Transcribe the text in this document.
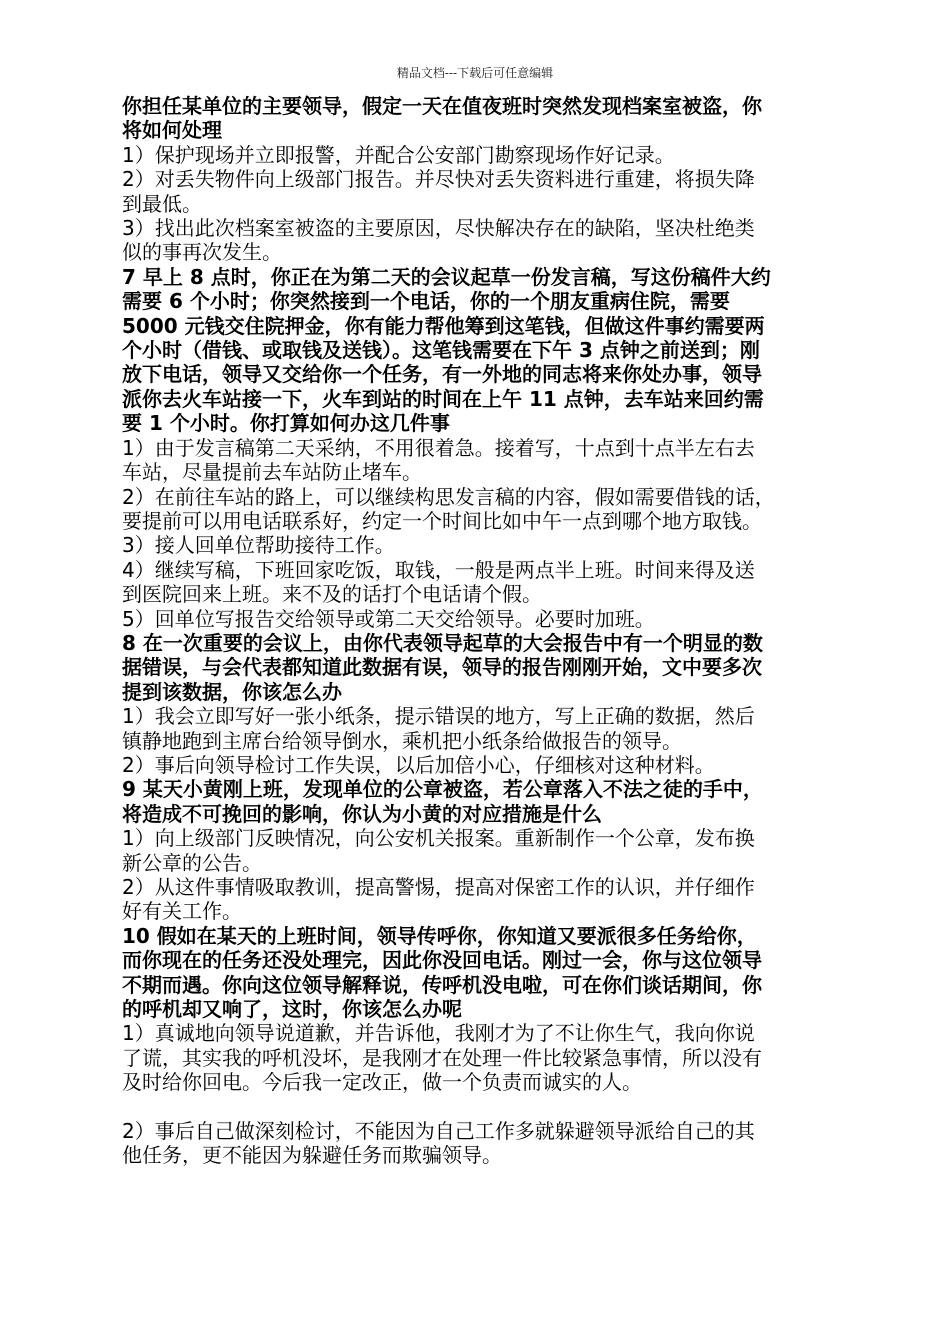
精品文档---下载后可任意编辑
你担任某单位的主要领导，假定一天在值夜班时突然发现档案室被盗，你
将如何处理
1）保护现场并立即报警，并配合公安部门勘察现场作好记录。
2）对丢失物件向上级部门报告。并尽快对丢失资料进行重建，将损失降
到最低。
3）找出此次档案室被盗的主要原因，尽快解决存在的缺陷，坚决杜绝类
似的事再次发生。
7 早上 8 点时，你正在为第二天的会议起草一份发言稿，写这份稿件大约
需要 6 个小时；你突然接到一个电话，你的一个朋友重病住院，需要
5000 元钱交住院押金，你有能力帮他筹到这笔钱，但做这件事约需要两
个小时（借钱、或取钱及送钱）。这笔钱需要在下午 3 点钟之前送到；刚
放下电话，领导又交给你一个任务，有一外地的同志将来你处办事，领导
派你去火车站接一下，火车到站的时间在上午 11 点钟，去车站来回约需
要 1 个小时。你打算如何办这几件事
1）由于发言稿第二天采纳，不用很着急。接着写，十点到十点半左右去
车站，尽量提前去车站防止堵车。
2）在前往车站的路上，可以继续构思发言稿的内容，假如需要借钱的话，
要提前可以用电话联系好，约定一个时间比如中午一点到哪个地方取钱。
3）接人回单位帮助接待工作。
4）继续写稿，下班回家吃饭，取钱，一般是两点半上班。时间来得及送
到医院回来上班。来不及的话打个电话请个假。
5）回单位写报告交给领导或第二天交给领导。必要时加班。
8 在一次重要的会议上，由你代表领导起草的大会报告中有一个明显的数
据错误，与会代表都知道此数据有误，领导的报告刚刚开始，文中要多次
提到该数据，你该怎么办
1）我会立即写好一张小纸条，提示错误的地方，写上正确的数据，然后
镇静地跑到主席台给领导倒水，乘机把小纸条给做报告的领导。
2）事后向领导检讨工作失误，以后加倍小心，仔细核对这种材料。
9 某天小黄刚上班，发现单位的公章被盗，若公章落入不法之徒的手中，
将造成不可挽回的影响，你认为小黄的对应措施是什么
1）向上级部门反映情况，向公安机关报案。重新制作一个公章，发布换
新公章的公告。
2）从这件事情吸取教训，提高警惕，提高对保密工作的认识，并仔细作
好有关工作。
10 假如在某天的上班时间，领导传呼你，你知道又要派很多任务给你，
而你现在的任务还没处理完，因此你没回电话。刚过一会，你与这位领导
不期而遇。你向这位领导解释说，传呼机没电啦，可在你们谈话期间，你
的呼机却又响了，这时，你该怎么办呢
1）真诚地向领导说道歉，并告诉他，我刚才为了不让你生气，我向你说
了谎，其实我的呼机没坏，是我刚才在处理一件比较紧急事情，所以没有
及时给你回电。今后我一定改正，做一个负责而诚实的人。
2）事后自己做深刻检讨，不能因为自己工作多就躲避领导派给自己的其
他任务，更不能因为躲避任务而欺骗领导。
